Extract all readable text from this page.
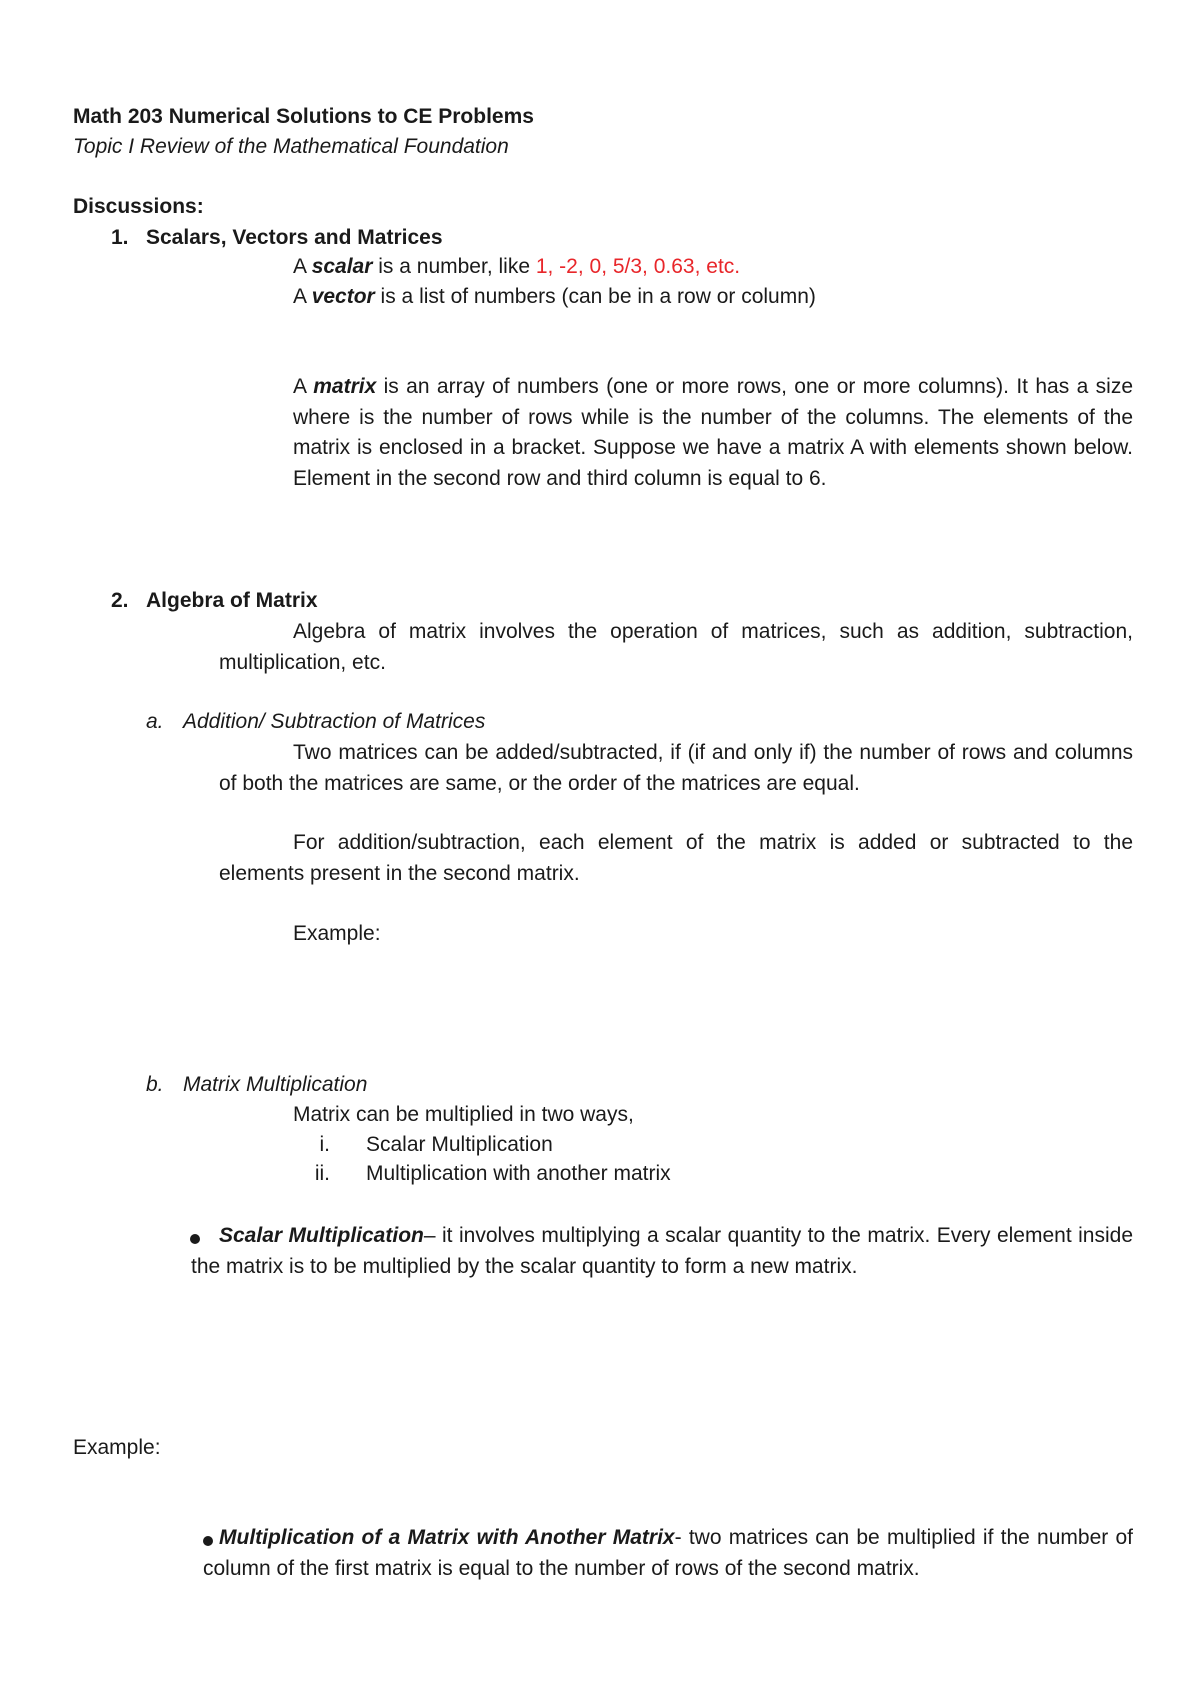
Math 203 Numerical Solutions to CE Problems
Topic I Review of the Mathematical Foundation
Discussions:
1. Scalars, Vectors and Matrices
A scalar is a number, like 1, -2, 0, 5/3, 0.63, etc.
A vector is a list of numbers (can be in a row or column)
A matrix is an array of numbers (one or more rows, one or more columns). It has a size where is the number of rows while is the number of the columns. The elements of the matrix is enclosed in a bracket. Suppose we have a matrix A with elements shown below. Element in the second row and third column is equal to 6.
2. Algebra of Matrix
Algebra of matrix involves the operation of matrices, such as addition, subtraction, multiplication, etc.
a. Addition/ Subtraction of Matrices
Two matrices can be added/subtracted, if (if and only if) the number of rows and columns of both the matrices are same, or the order of the matrices are equal.
For addition/subtraction, each element of the matrix is added or subtracted to the elements present in the second matrix.
Example:
b. Matrix Multiplication
Matrix can be multiplied in two ways,
i. Scalar Multiplication
ii. Multiplication with another matrix
Scalar Multiplication– it involves multiplying a scalar quantity to the matrix. Every element inside the matrix is to be multiplied by the scalar quantity to form a new matrix.
Example:
Multiplication of a Matrix with Another Matrix- two matrices can be multiplied if the number of column of the first matrix is equal to the number of rows of the second matrix.
